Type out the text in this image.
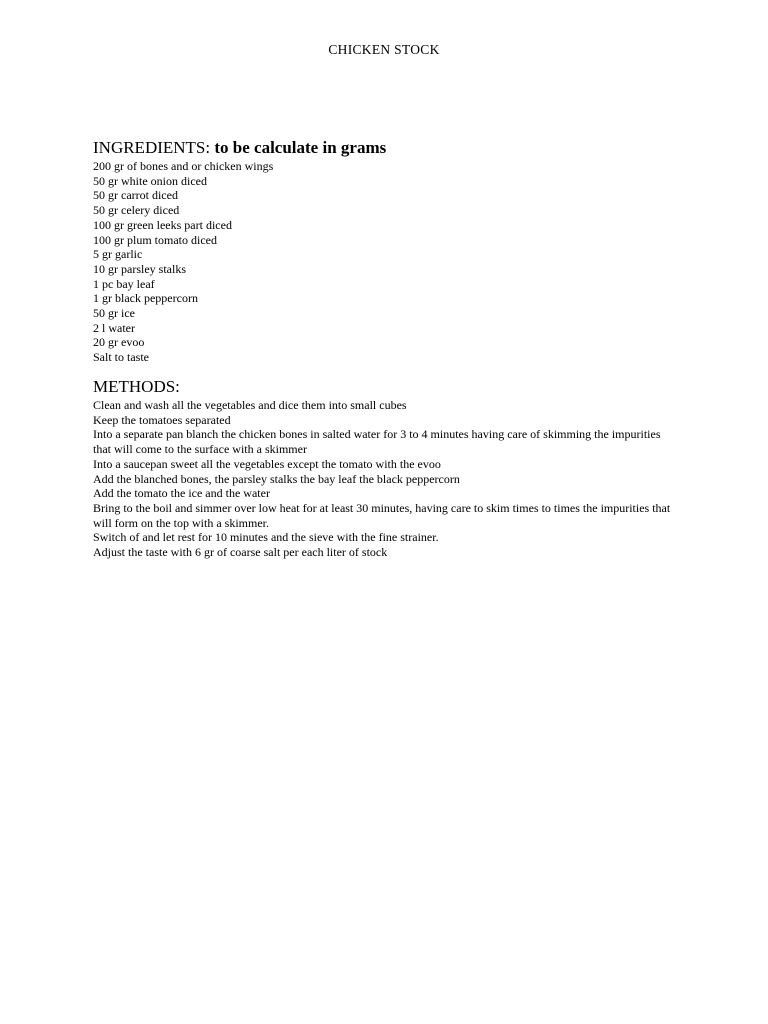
CHICKEN STOCK
INGREDIENTS: to be calculate in grams
200 gr of bones and or chicken wings
50 gr white onion diced
50 gr carrot diced
50 gr celery diced
100 gr green leeks part diced
100 gr plum tomato diced
5 gr garlic
10 gr parsley stalks
1 pc bay leaf
1 gr black peppercorn
50 gr ice
2 l water
20 gr evoo
Salt to taste
METHODS:
Clean and wash all the vegetables and dice them into small cubes
Keep the tomatoes separated
Into a separate pan blanch the chicken bones in salted water for 3 to 4 minutes having care of skimming the impurities that will come to the surface with a skimmer
Into a saucepan sweet all the vegetables except the tomato with the evoo
Add the blanched bones, the parsley stalks the bay leaf the black peppercorn
Add the tomato the ice and the water
Bring to the boil and simmer over low heat for at least 30 minutes, having care to skim times to times the impurities that will form on the top with a skimmer.
Switch of and let rest for 10 minutes and the sieve with the fine strainer.
Adjust the taste with 6 gr of coarse salt per each liter of stock
